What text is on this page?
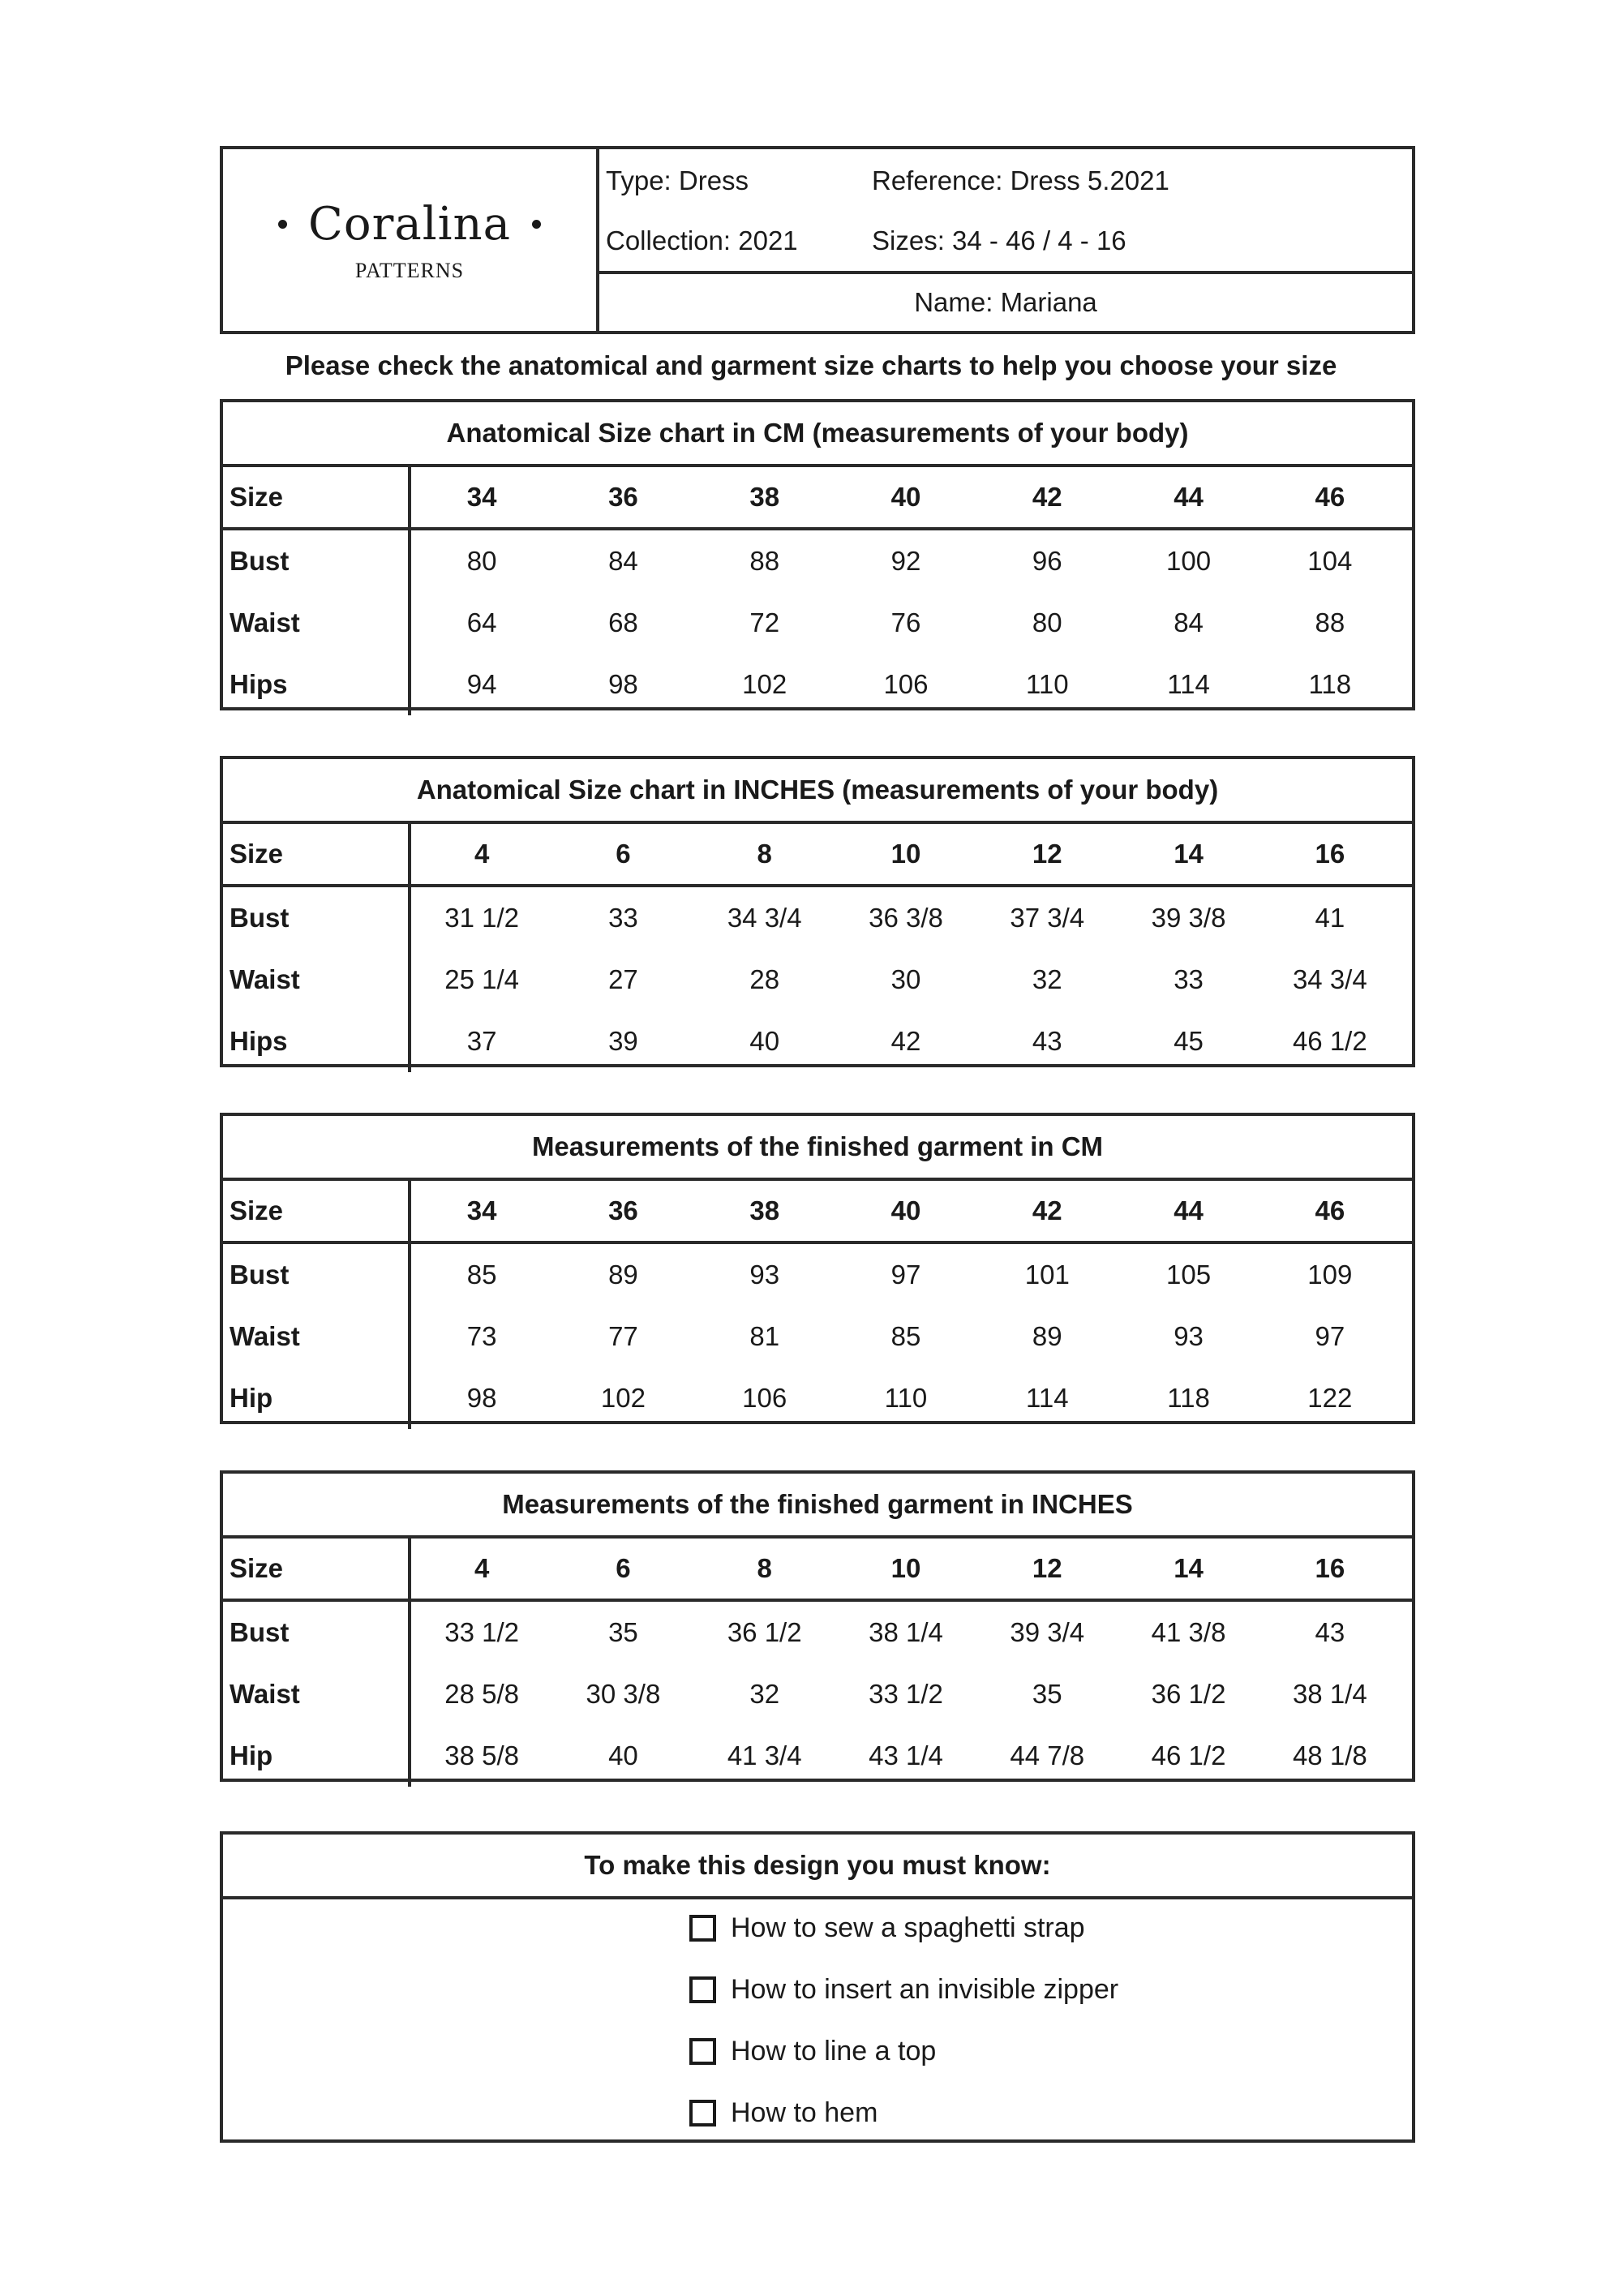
Coralina
PATTERNS
Type: Dress	Reference: Dress 5.2021
Collection: 2021	Sizes: 34 - 46 / 4 - 16
Name: Mariana
Please check the anatomical and garment size charts to help you choose your size
Anatomical Size chart in CM (measurements of your body)
Size	34	36	38	40	42	44	46
Bust	80	84	88	92	96	100	104
Waist	64	68	72	76	80	84	88
Hips	94	98	102	106	110	114	118
Anatomical Size chart in INCHES (measurements of your body)
Size	4	6	8	10	12	14	16
Bust	31 1/2	33	34 3/4	36 3/8	37 3/4	39 3/8	41
Waist	25 1/4	27	28	30	32	33	34 3/4
Hips	37	39	40	42	43	45	46 1/2
Measurements of the finished garment in CM
Size	34	36	38	40	42	44	46
Bust	85	89	93	97	101	105	109
Waist	73	77	81	85	89	93	97
Hip	98	102	106	110	114	118	122
Measurements of the finished garment in INCHES
Size	4	6	8	10	12	14	16
Bust	33 1/2	35	36 1/2	38 1/4	39 3/4	41 3/8	43
Waist	28 5/8	30 3/8	32	33 1/2	35	36 1/2	38 1/4
Hip	38 5/8	40	41 3/4	43 1/4	44 7/8	46 1/2	48 1/8
To make this design you must know:
How to sew a spaghetti strap
How to insert an invisible zipper
How to line a top
How to hem
